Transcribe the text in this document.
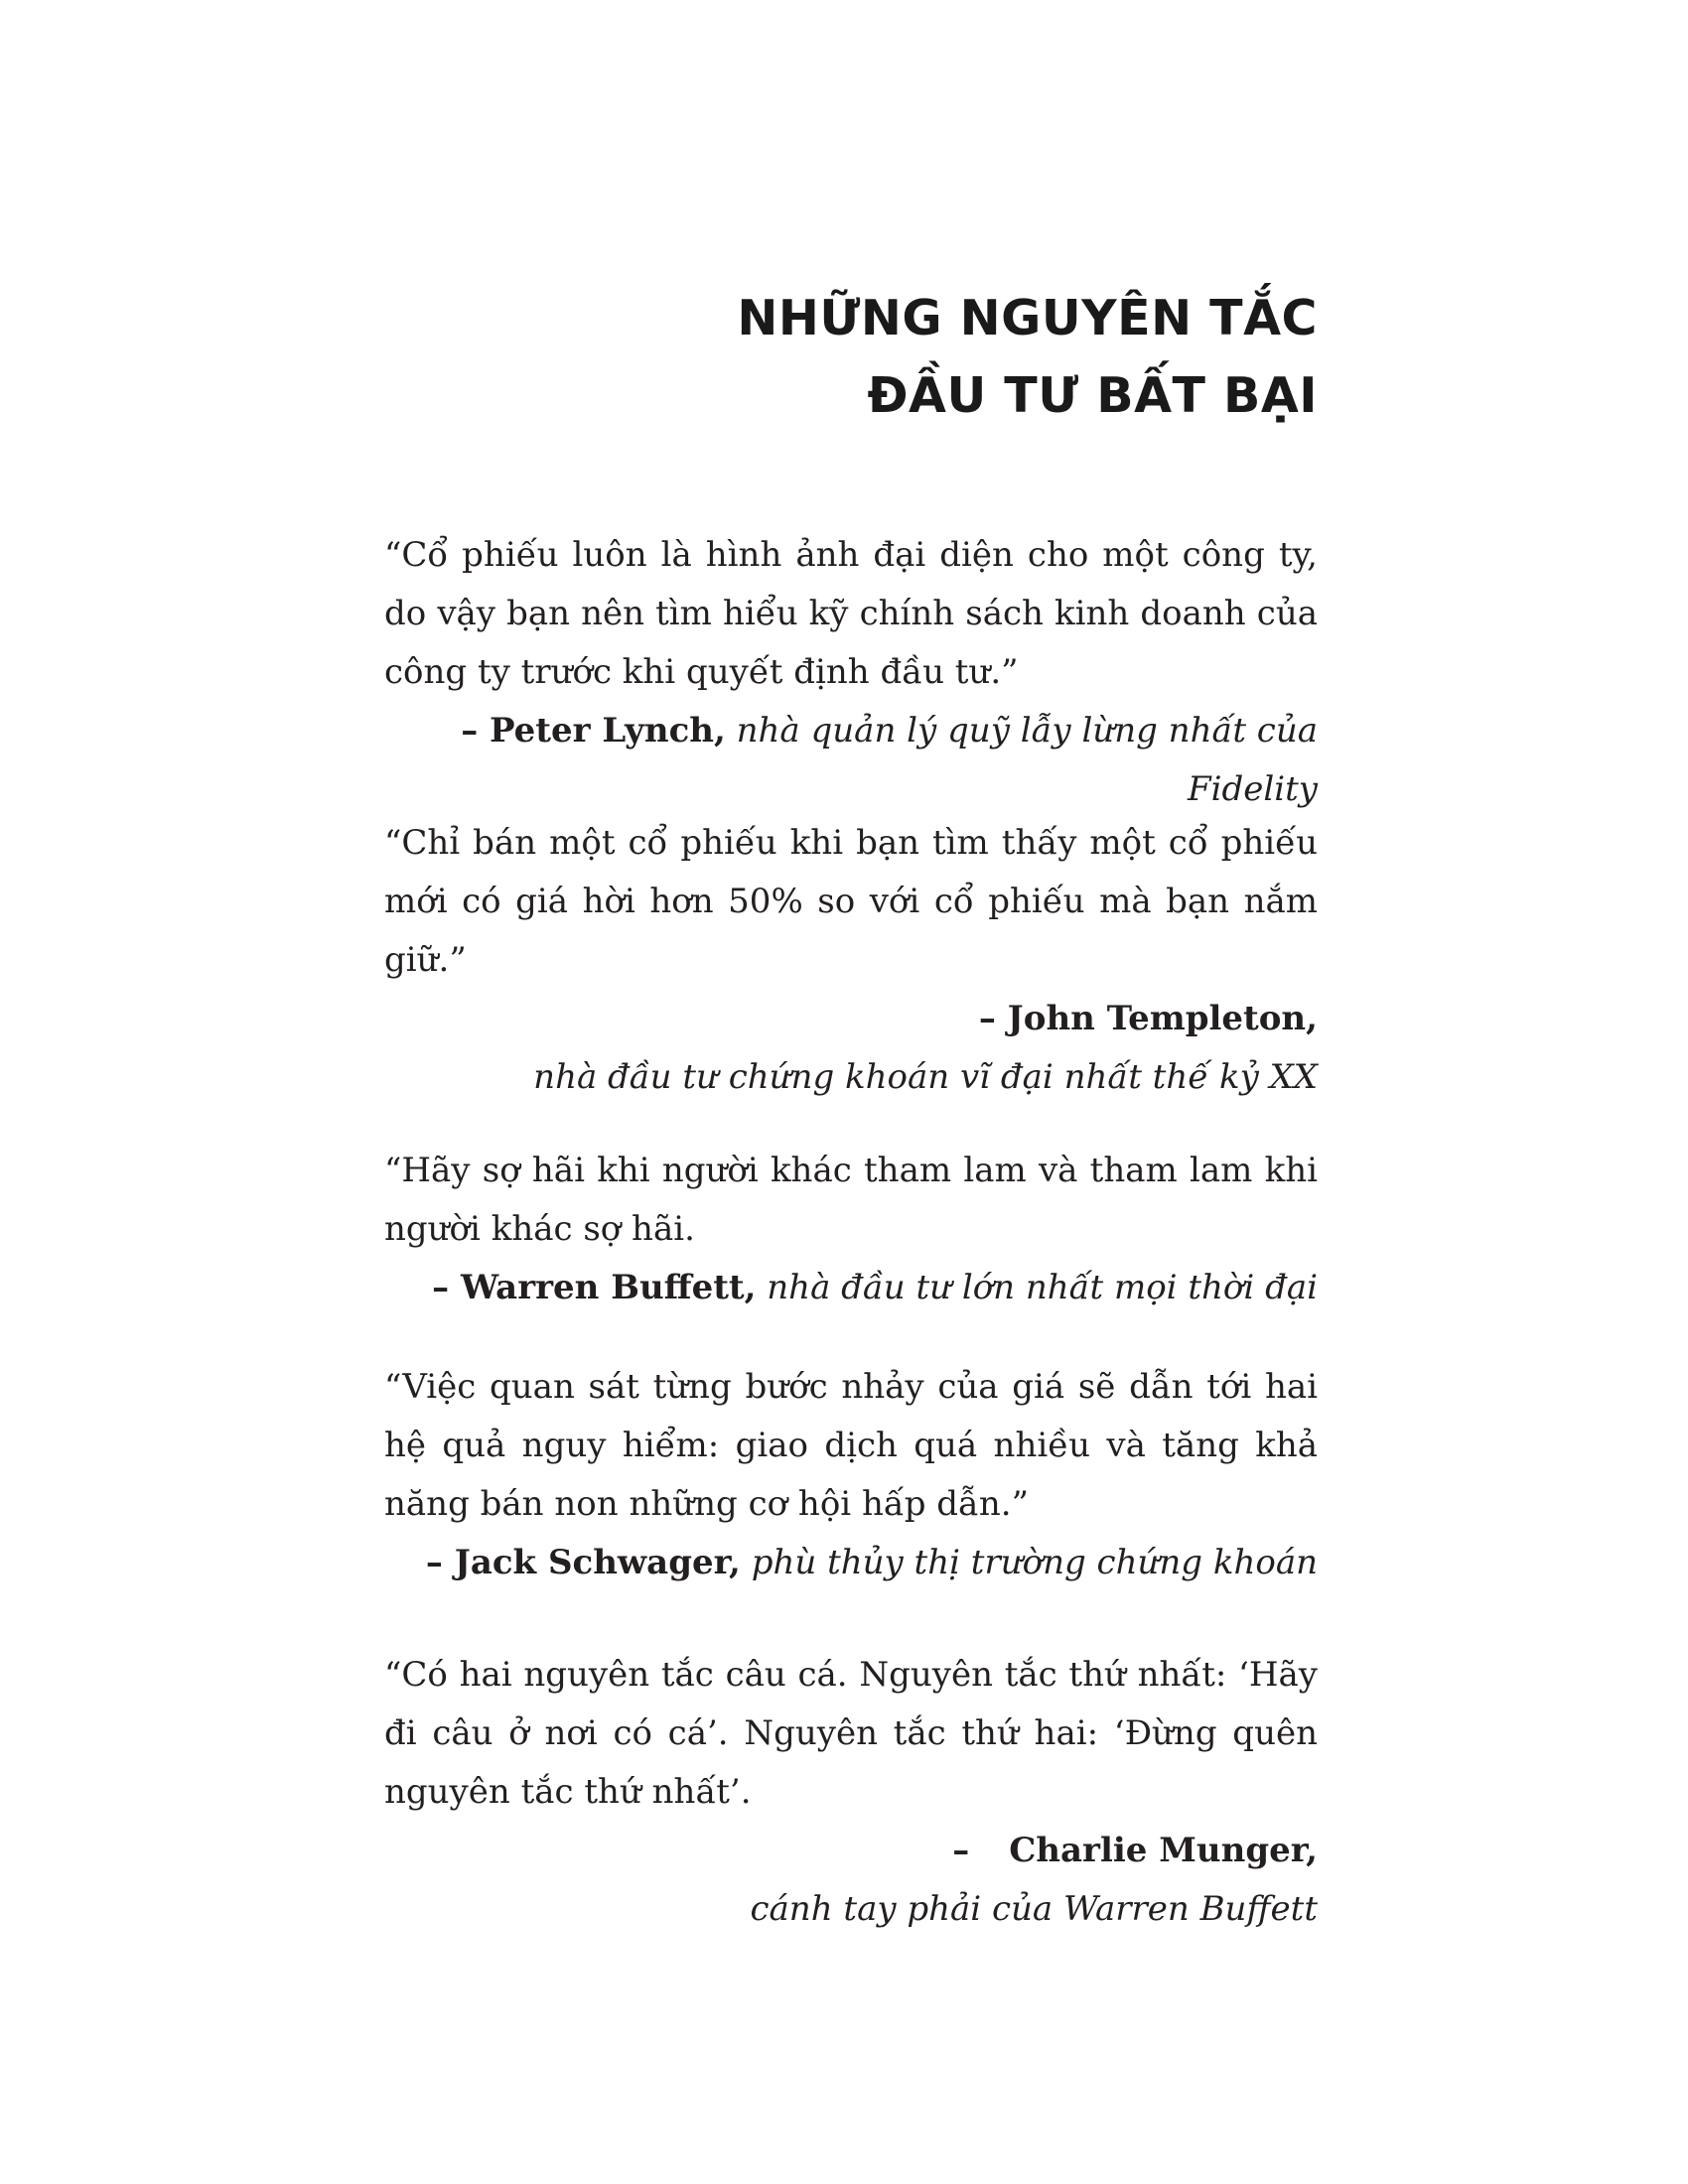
NHỮNG NGUYÊN TẮC
ĐẦU TƯ BẤT BẠI

“Cổ phiếu luôn là hình ảnh đại diện cho một công ty, do vậy bạn nên tìm hiểu kỹ chính sách kinh doanh của công ty trước khi quyết định đầu tư.”

– Peter Lynch, nhà quản lý quỹ lẫy lừng nhất của Fidelity

“Chỉ bán một cổ phiếu khi bạn tìm thấy một cổ phiếu mới có giá hời hơn 50% so với cổ phiếu mà bạn nắm giữ.”

– John Templeton,

nhà đầu tư chứng khoán vĩ đại nhất thế kỷ XX

“Hãy sợ hãi khi người khác tham lam và tham lam khi người khác sợ hãi.

– Warren Buffett, nhà đầu tư lớn nhất mọi thời đại

“Việc quan sát từng bước nhảy của giá sẽ dẫn tới hai hệ quả nguy hiểm: giao dịch quá nhiều và tăng khả năng bán non những cơ hội hấp dẫn.”

– Jack Schwager, phù thủy thị trường chứng khoán

“Có hai nguyên tắc câu cá. Nguyên tắc thứ nhất: ‘Hãy đi câu ở nơi có cá’. Nguyên tắc thứ hai: ‘Đừng quên nguyên tắc thứ nhất’.

– Charlie Munger,

cánh tay phải của Warren Buffett
